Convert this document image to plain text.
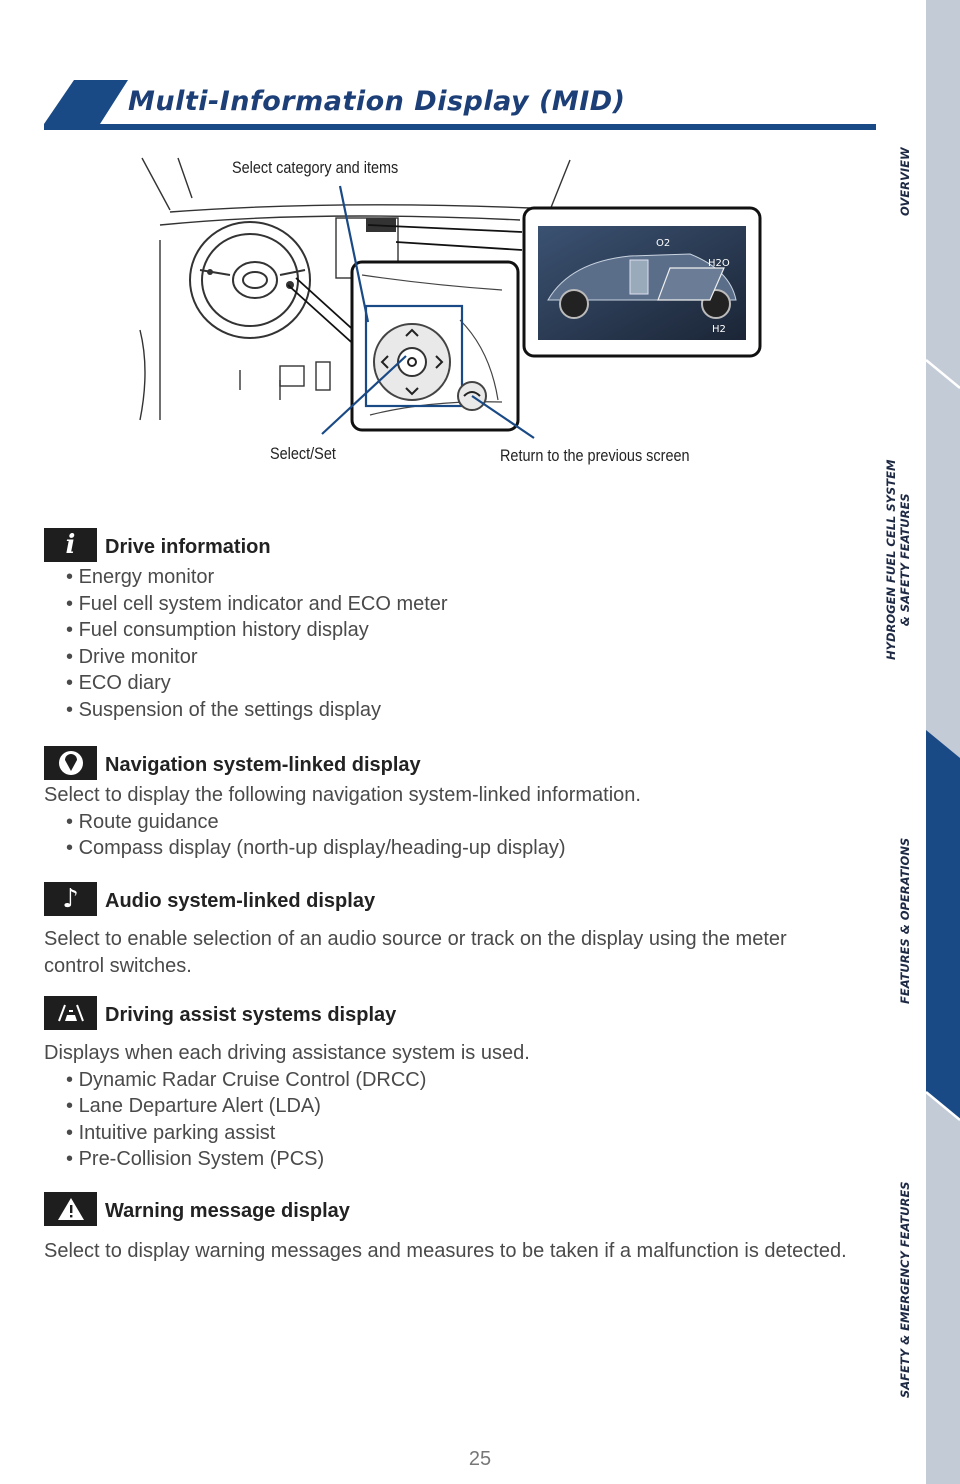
Multi-Information Display (MID)
O2
H2O
H2
Select category and items
Select/Set	Return to the previous screen
i Drive information
• Energy monitor
• Fuel cell system indicator and ECO meter
• Fuel consumption history display
• Drive monitor
• ECO diary
• Suspension of the settings display
Navigation system-linked display
Select to display the following navigation system-linked information.
• Route guidance
• Compass display (north-up display/heading-up display)
♪ Audio system-linked display
Select to enable selection of an audio source or track on the display using the meter control switches.
Driving assist systems display
Displays when each driving assistance system is used.
• Dynamic Radar Cruise Control (DRCC)
• Lane Departure Alert (LDA)
• Intuitive parking assist
• Pre-Collision System (PCS)
Warning message display
Select to display warning messages and measures to be taken if a malfunction is detected.
OVERVIEW
HYDROGEN FUEL CELL SYSTEM & SAFETY FEATURES
FEATURES & OPERATIONS
SAFETY & EMERGENCY FEATURES
25
